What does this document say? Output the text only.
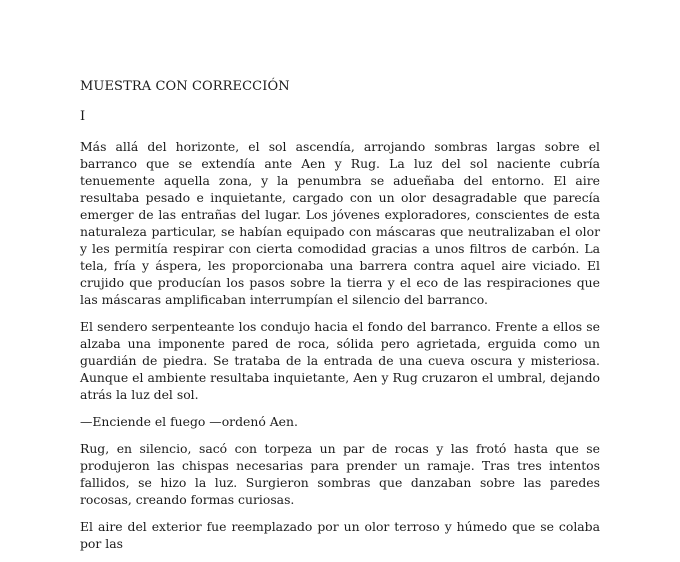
MUESTRA CON CORRECCIÓN
I

Más allá del horizonte, el sol ascendía, arrojando sombras largas sobre el barranco que se extendía ante Aen y Rug. La luz del sol naciente cubría tenuemente aquella zona, y la penumbra se adueñaba del entorno. El aire resultaba pesado e inquietante, cargado con un olor desagradable que parecía emerger de las entrañas del lugar. Los jóvenes exploradores, conscientes de esta naturaleza particular, se habían equipado con máscaras que neutralizaban el olor y les permitía respirar con cierta comodidad gracias a unos filtros de carbón. La tela, fría y áspera, les proporcionaba una barrera contra aquel aire viciado. El crujido que producían los pasos sobre la tierra y el eco de las respiraciones que las máscaras amplificaban interrumpían el silencio del barranco.

El sendero serpenteante los condujo hacia el fondo del barranco. Frente a ellos se alzaba una imponente pared de roca, sólida pero agrietada, erguida como un guardián de piedra. Se trataba de la entrada de una cueva oscura y misteriosa. Aunque el ambiente resultaba inquietante, Aen y Rug cruzaron el umbral, dejando atrás la luz del sol.

—Enciende el fuego —ordenó Aen.

Rug, en silencio, sacó con torpeza un par de rocas y las frotó hasta que se produjeron las chispas necesarias para prender un ramaje. Tras tres intentos fallidos, se hizo la luz. Surgieron sombras que danzaban sobre las paredes rocosas, creando formas curiosas.

El aire del exterior fue reemplazado por un olor terroso y húmedo que se colaba por las
